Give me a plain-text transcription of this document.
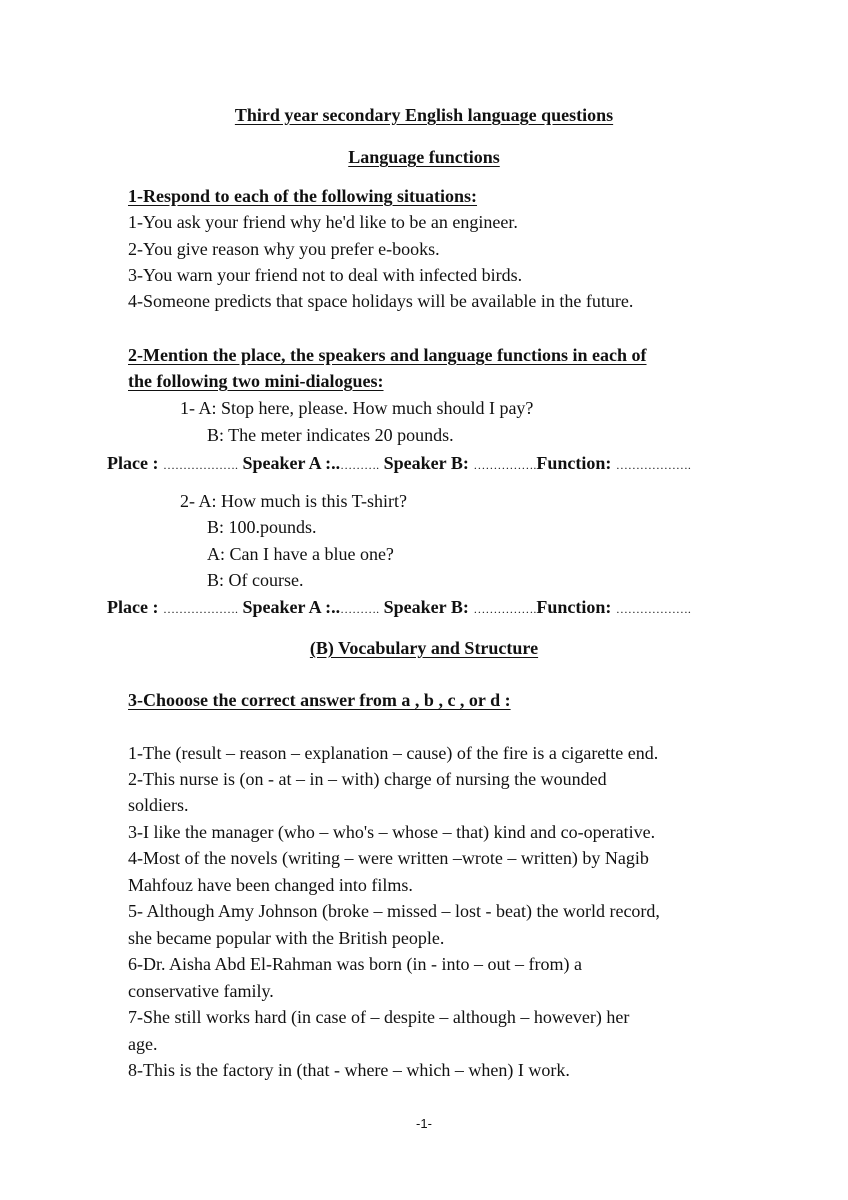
Third year secondary English language questions
Language functions
1-Respond to each of the following situations:
1-You ask your friend why he'd like to be an engineer.
2-You give reason why you prefer e-books.
3-You warn your friend not to deal with infected birds.
4-Someone predicts that space holidays will be available in the future.
2-Mention the place, the speakers and language functions in each of
the following two mini-dialogues:
1- A: Stop here, please. How much should I pay?
B: The meter indicates 20 pounds.
Place : ………………. Speaker A :..………. Speaker B: …………….Function: ……………….
2- A: How much is this T-shirt?
B: 100.pounds.
A: Can I have a blue one?
B: Of course.
Place : ………………. Speaker A :..………. Speaker B: …………….Function: ……………….
(B) Vocabulary and Structure
3-Chooose the correct answer from a , b , c , or d :
1-The (result – reason – explanation – cause) of the fire is a cigarette end.
2-This nurse is (on - at – in – with) charge of nursing the wounded
soldiers.
3-I like the manager (who – who's – whose – that) kind and co-operative.
4-Most of the novels (writing – were written –wrote – written) by Nagib
Mahfouz have been changed into films.
5- Although Amy Johnson (broke – missed – lost - beat) the world record,
she became popular with the British people.
6-Dr. Aisha Abd El-Rahman was born (in - into – out – from) a
conservative family.
7-She still works hard (in case of – despite – although – however) her
age.
8-This is the factory in (that - where – which – when) I work.
-1-
